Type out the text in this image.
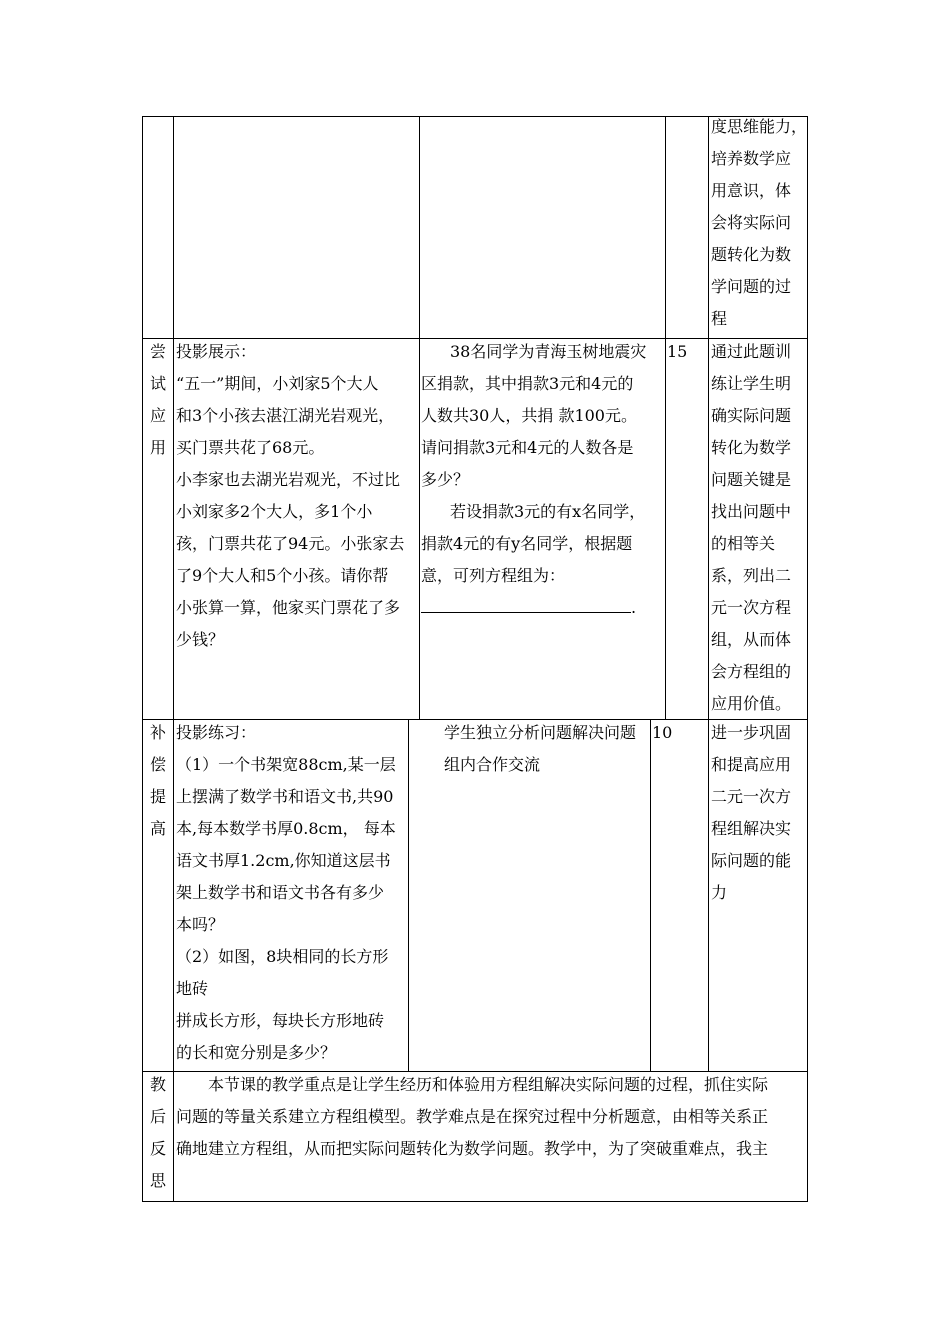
度思维能力，
培养数学应
用意识，体
会将实际问
题转化为数
学问题的过
程
尝
试
应
用
投影展示：
“五一”期间，小刘家5个大人
和3个小孩去湛江湖光岩观光，
买门票共花了68元。
小李家也去湖光岩观光，不过比
小刘家多2个大人，多1个小
孩，门票共花了94元。小张家去
了9个大人和5个小孩。请你帮
小张算一算，他家买门票花了多
少钱？
38名同学为青海玉树地震灾
区捐款，其中捐款3元和4元的
人数共30人，共捐 款100元。
请问捐款3元和4元的人数各是
多少？
若设捐款3元的有x名同学，
捐款4元的有y名同学，根据题
意，可列方程组为：
.
15 通过此题训
练让学生明
确实际问题
转化为数学
问题关键是
找出问题中
的相等关
系，列出二
元一次方程
组，从而体
会方程组的
应用价值。
补
偿
提
高
投影练习：
（1）一个书架宽88cm,某一层
上摆满了数学书和语文书,共90
本,每本数学书厚0.8cm， 每本
语文书厚1.2cm,你知道这层书
架上数学书和语文书各有多少
本吗？
（2）如图，8块相同的长方形
地砖
拼成长方形，每块长方形地砖
的长和宽分别是多少？
学生独立分析问题解决问题
组内合作交流
10 进一步巩固
和提高应用
二元一次方
程组解决实
际问题的能
力
教
后
反
思
　　本节课的教学重点是让学生经历和体验用方程组解决实际问题的过程，抓住实际
问题的等量关系建立方程组模型。教学难点是在探究过程中分析题意，由相等关系正
确地建立方程组，从而把实际问题转化为数学问题。教学中，为了突破重难点，我主
